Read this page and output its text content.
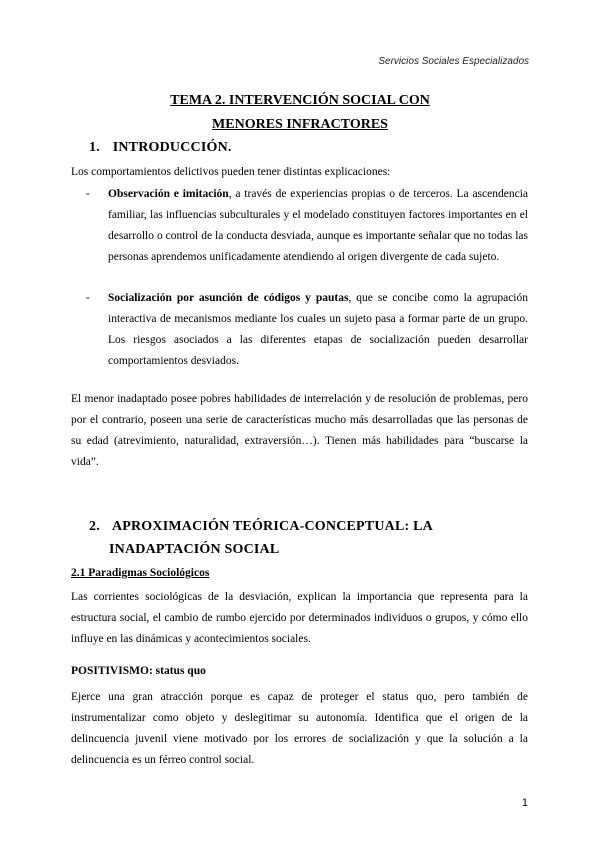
Servicios Sociales Especializados
TEMA 2. INTERVENCIÓN SOCIAL CON
MENORES INFRACTORES
1. INTRODUCCIÓN.
Los comportamientos delictivos pueden tener distintas explicaciones:
- Observación e imitación, a través de experiencias propias o de terceros. La ascendencia familiar, las influencias subculturales y el modelado constituyen factores importantes en el desarrollo o control de la conducta desviada, aunque es importante señalar que no todas las personas aprendemos unificadamente atendiendo al origen divergente de cada sujeto.
- Socialización por asunción de códigos y pautas, que se concibe como la agrupación interactiva de mecanismos mediante los cuales un sujeto pasa a formar parte de un grupo. Los riesgos asociados a las diferentes etapas de socialización pueden desarrollar comportamientos desviados.
El menor inadaptado posee pobres habilidades de interrelación y de resolución de problemas, pero por el contrario, poseen una serie de características mucho más desarrolladas que las personas de su edad (atrevimiento, naturalidad, extraversión…). Tienen más habilidades para “buscarse la vida”.
2. APROXIMACIÓN TEÓRICA-CONCEPTUAL: LA
INADAPTACIÓN SOCIAL
2.1 Paradigmas Sociológicos
Las corrientes sociológicas de la desviación, explican la importancia que representa para la estructura social, el cambio de rumbo ejercido por determinados individuos o grupos, y cómo ello influye en las dinámicas y acontecimientos sociales.
POSITIVISMO: status quo
Ejerce una gran atracción porque es capaz de proteger el status quo, pero también de instrumentalizar como objeto y deslegitimar su autonomía. Identifica que el origen de la delincuencia juvenil viene motivado por los errores de socialización y que la solución a la delincuencia es un férreo control social.
1
